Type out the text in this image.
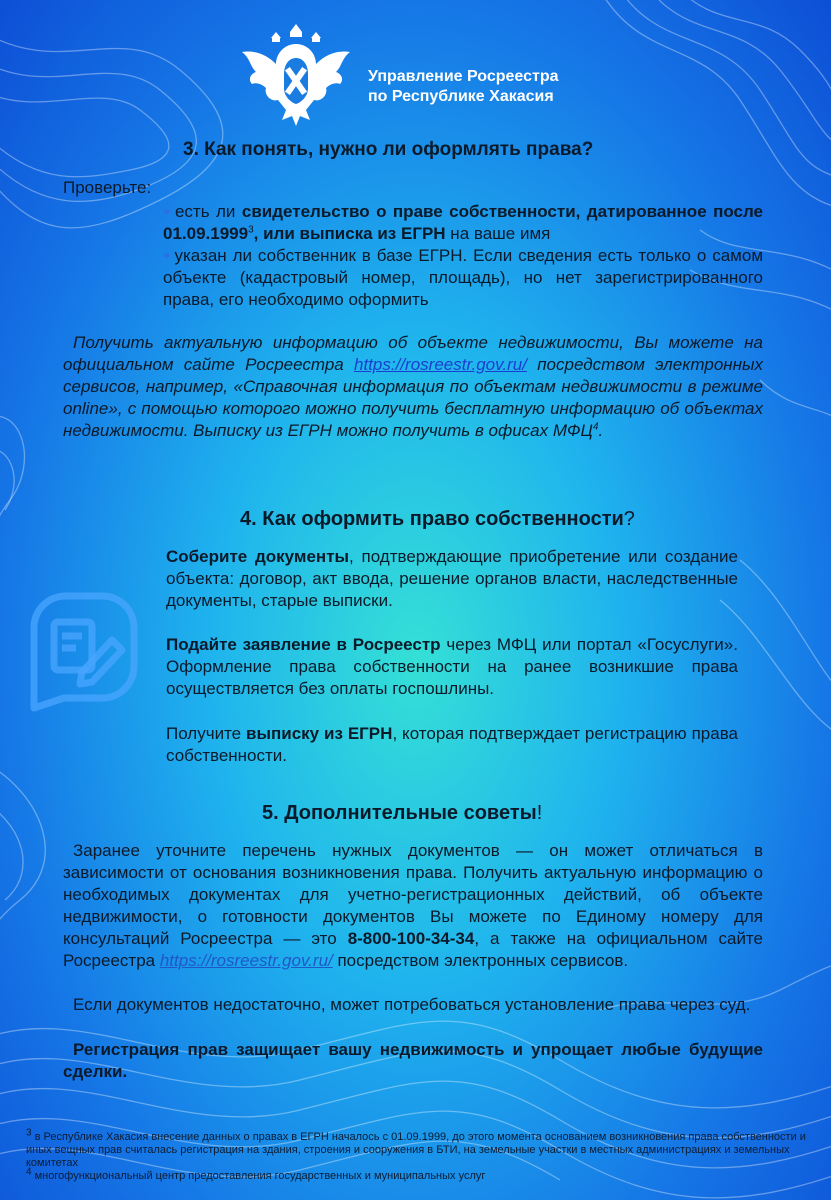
Управление Росреестра
по Республике Хакасия
3. Как понять, нужно ли оформлять права?
Проверьте:
● есть ли свидетельство о праве собственности, датированное после 01.09.1999$^3$, или выписка из ЕГРН на ваше имя
● указан ли собственник в базе ЕГРН. Если сведения есть только о самом объекте (кадастровый номер, площадь), но нет зарегистрированного права, его необходимо оформить
Получить актуальную информацию об объекте недвижимости, Вы можете на официальном сайте Росреестра https://rosreestr.gov.ru/ посредством электронных сервисов, например, «Справочная информация по объектам недвижимости в режиме online», с помощью которого можно получить бесплатную информацию об объектах недвижимости. Выписку из ЕГРН можно получить в офисах МФЦ$^4$.
4. Как оформить право собственности?
Соберите документы, подтверждающие приобретение или создание объекта: договор, акт ввода, решение органов власти, наследственные документы, старые выписки.
Подайте заявление в Росреестр через МФЦ или портал «Госуслуги». Оформление права собственности на ранее возникшие права осуществляется без оплаты госпошлины.
Получите выписку из ЕГРН, которая подтверждает регистрацию права собственности.
5. Дополнительные советы!
Заранее уточните перечень нужных документов — он может отличаться в зависимости от основания возникновения права. Получить актуальную информацию о необходимых документах для учетно-регистрационных действий, об объекте недвижимости, о готовности документов Вы можете по Единому номеру для консультаций Росреестра — это 8-800-100-34-34, а также на официальном сайте Росреестра https://rosreestr.gov.ru/ посредством электронных сервисов.
Если документов недостаточно, может потребоваться установление права через суд.
Регистрация прав защищает вашу недвижимость и упрощает любые будущие сделки.

$^3$ в Республике Хакасия внесение данных о правах в ЕГРН началось с 01.09.1999, до этого момента основанием возникновения права собственности и иных вещных прав считалась регистрация на здания, строения и сооружения в БТИ, на земельные участки в местных администрациях и земельных комитетах

$^4$ многофункциональный центр предоставления государственных и муниципальных услуг
